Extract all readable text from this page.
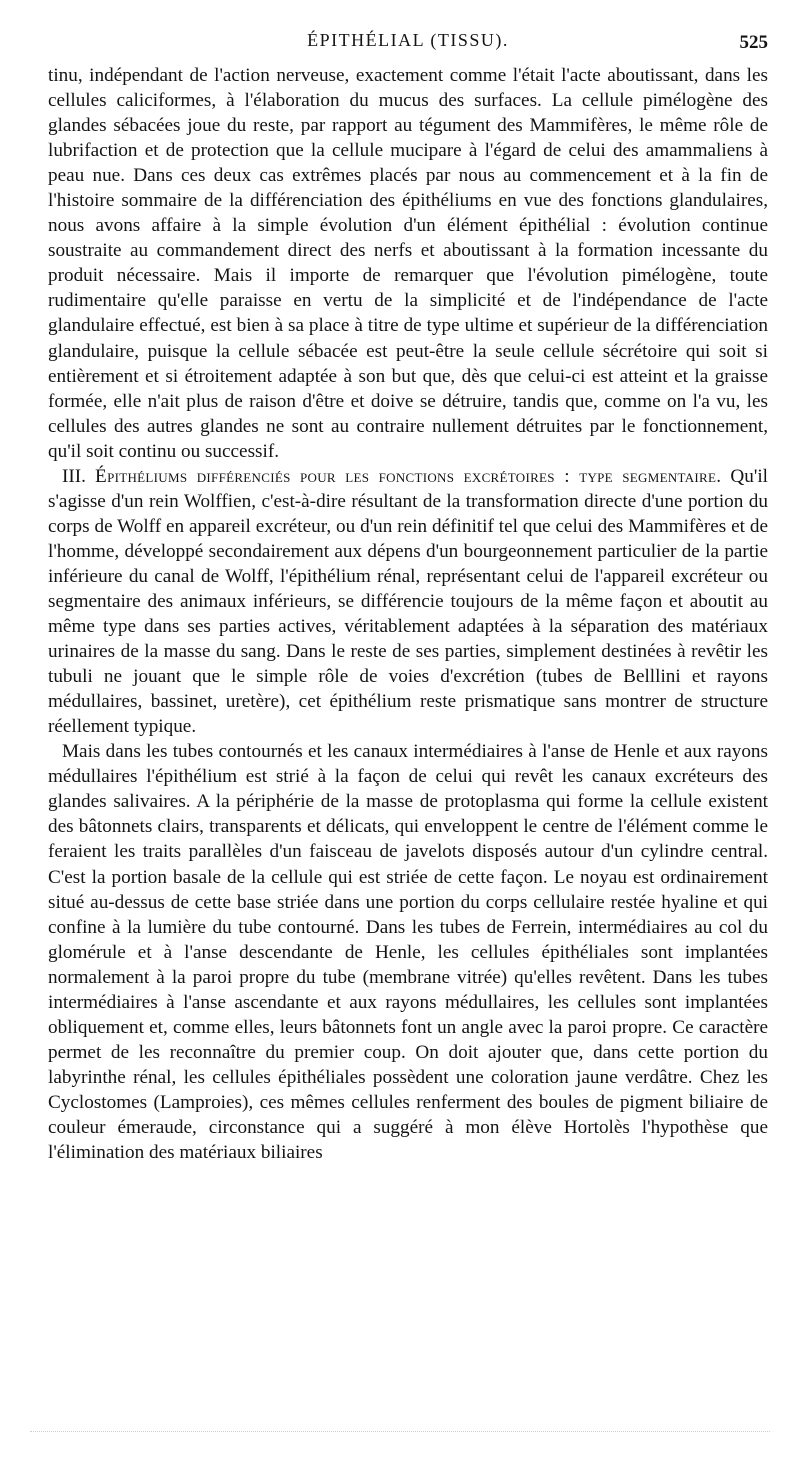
ÉPITHÉLIAL (TISSU).	525

tinu, indépendant de l'action nerveuse, exactement comme l'était l'acte aboutissant, dans les cellules caliciformes, à l'élaboration du mucus des surfaces. La cellule pimélogène des glandes sébacées joue du reste, par rapport au tégument des Mammifères, le même rôle de lubrifaction et de protection que la cellule mucipare à l'égard de celui des amammaliens à peau nue. Dans ces deux cas extrêmes placés par nous au commencement et à la fin de l'histoire sommaire de la différenciation des épithéliums en vue des fonctions glandulaires, nous avons affaire à la simple évolution d'un élément épithélial : évolution continue soustraite au commandement direct des nerfs et aboutissant à la formation incessante du produit nécessaire. Mais il importe de remarquer que l'évolution pimélogène, toute rudimentaire qu'elle paraisse en vertu de la simplicité et de l'indépendance de l'acte glandulaire effectué, est bien à sa place à titre de type ultime et supérieur de la différenciation glandulaire, puisque la cellule sébacée est peut-être la seule cellule sécrétoire qui soit si entièrement et si étroitement adaptée à son but que, dès que celui-ci est atteint et la graisse formée, elle n'ait plus de raison d'être et doive se détruire, tandis que, comme on l'a vu, les cellules des autres glandes ne sont au contraire nullement détruites par le fonctionnement, qu'il soit continu ou successif.

III. Épithéliums différenciés pour les fonctions excrétoires : type segmentaire. Qu'il s'agisse d'un rein Wolffien, c'est-à-dire résultant de la transformation directe d'une portion du corps de Wolff en appareil excréteur, ou d'un rein définitif tel que celui des Mammifères et de l'homme, développé secondairement aux dépens d'un bourgeonnement particulier de la partie inférieure du canal de Wolff, l'épithélium rénal, représentant celui de l'appareil excréteur ou segmentaire des animaux inférieurs, se différencie toujours de la même façon et aboutit au même type dans ses parties actives, véritablement adaptées à la séparation des matériaux urinaires de la masse du sang. Dans le reste de ses parties, simplement destinées à revêtir les tubuli ne jouant que le simple rôle de voies d'excrétion (tubes de Belllini et rayons médullaires, bassinet, uretère), cet épithélium reste prismatique sans montrer de structure réellement typique.

Mais dans les tubes contournés et les canaux intermédiaires à l'anse de Henle et aux rayons médullaires l'épithélium est strié à la façon de celui qui revêt les canaux excréteurs des glandes salivaires. A la périphérie de la masse de protoplasma qui forme la cellule existent des bâtonnets clairs, transparents et délicats, qui enveloppent le centre de l'élément comme le feraient les traits parallèles d'un faisceau de javelots disposés autour d'un cylindre central. C'est la portion basale de la cellule qui est striée de cette façon. Le noyau est ordinairement situé au-dessus de cette base striée dans une portion du corps cellulaire restée hyaline et qui confine à la lumière du tube contourné. Dans les tubes de Ferrein, intermédiaires au col du glomérule et à l'anse descendante de Henle, les cellules épithéliales sont implantées normalement à la paroi propre du tube (membrane vitrée) qu'elles revêtent. Dans les tubes intermédiaires à l'anse ascendante et aux rayons médullaires, les cellules sont implantées obliquement et, comme elles, leurs bâtonnets font un angle avec la paroi propre. Ce caractère permet de les reconnaître du premier coup. On doit ajouter que, dans cette portion du labyrinthe rénal, les cellules épithéliales possèdent une coloration jaune verdâtre. Chez les Cyclostomes (Lamproies), ces mêmes cellules renferment des boules de pigment biliaire de couleur émeraude, circonstance qui a suggéré à mon élève Hortolès l'hypothèse que l'élimination des matériaux biliaires
